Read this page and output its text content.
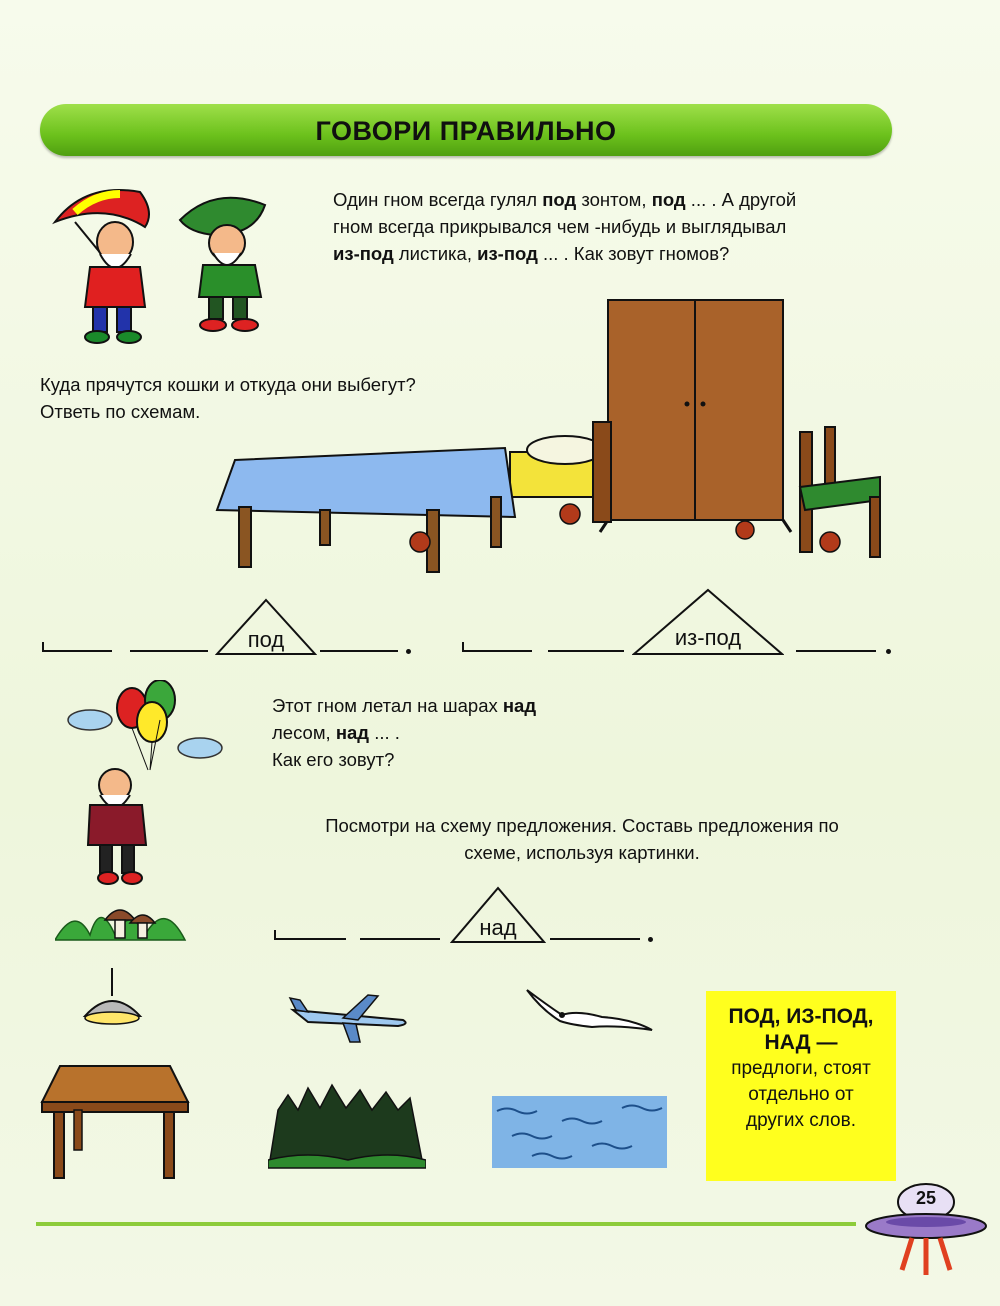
ГОВОРИ ПРАВИЛЬНО
Один гном всегда гулял под зонтом, под ... . А другой
гном всегда прикрывался чем -нибудь и выглядывал
из-под листика, из-под ... . Как зовут гномов?
Куда прячутся кошки и откуда они выбегут?
Ответь по схемам.
под	из-под
Этот гном летал на шарах над
лесом, над ... .
Как его зовут?
Посмотри на схему предложения. Составь предложения по
схеме, используя картинки.
над
ПОД, ИЗ-ПОД,
НАД —
предлоги, стоят
отдельно от
других слов.
25
